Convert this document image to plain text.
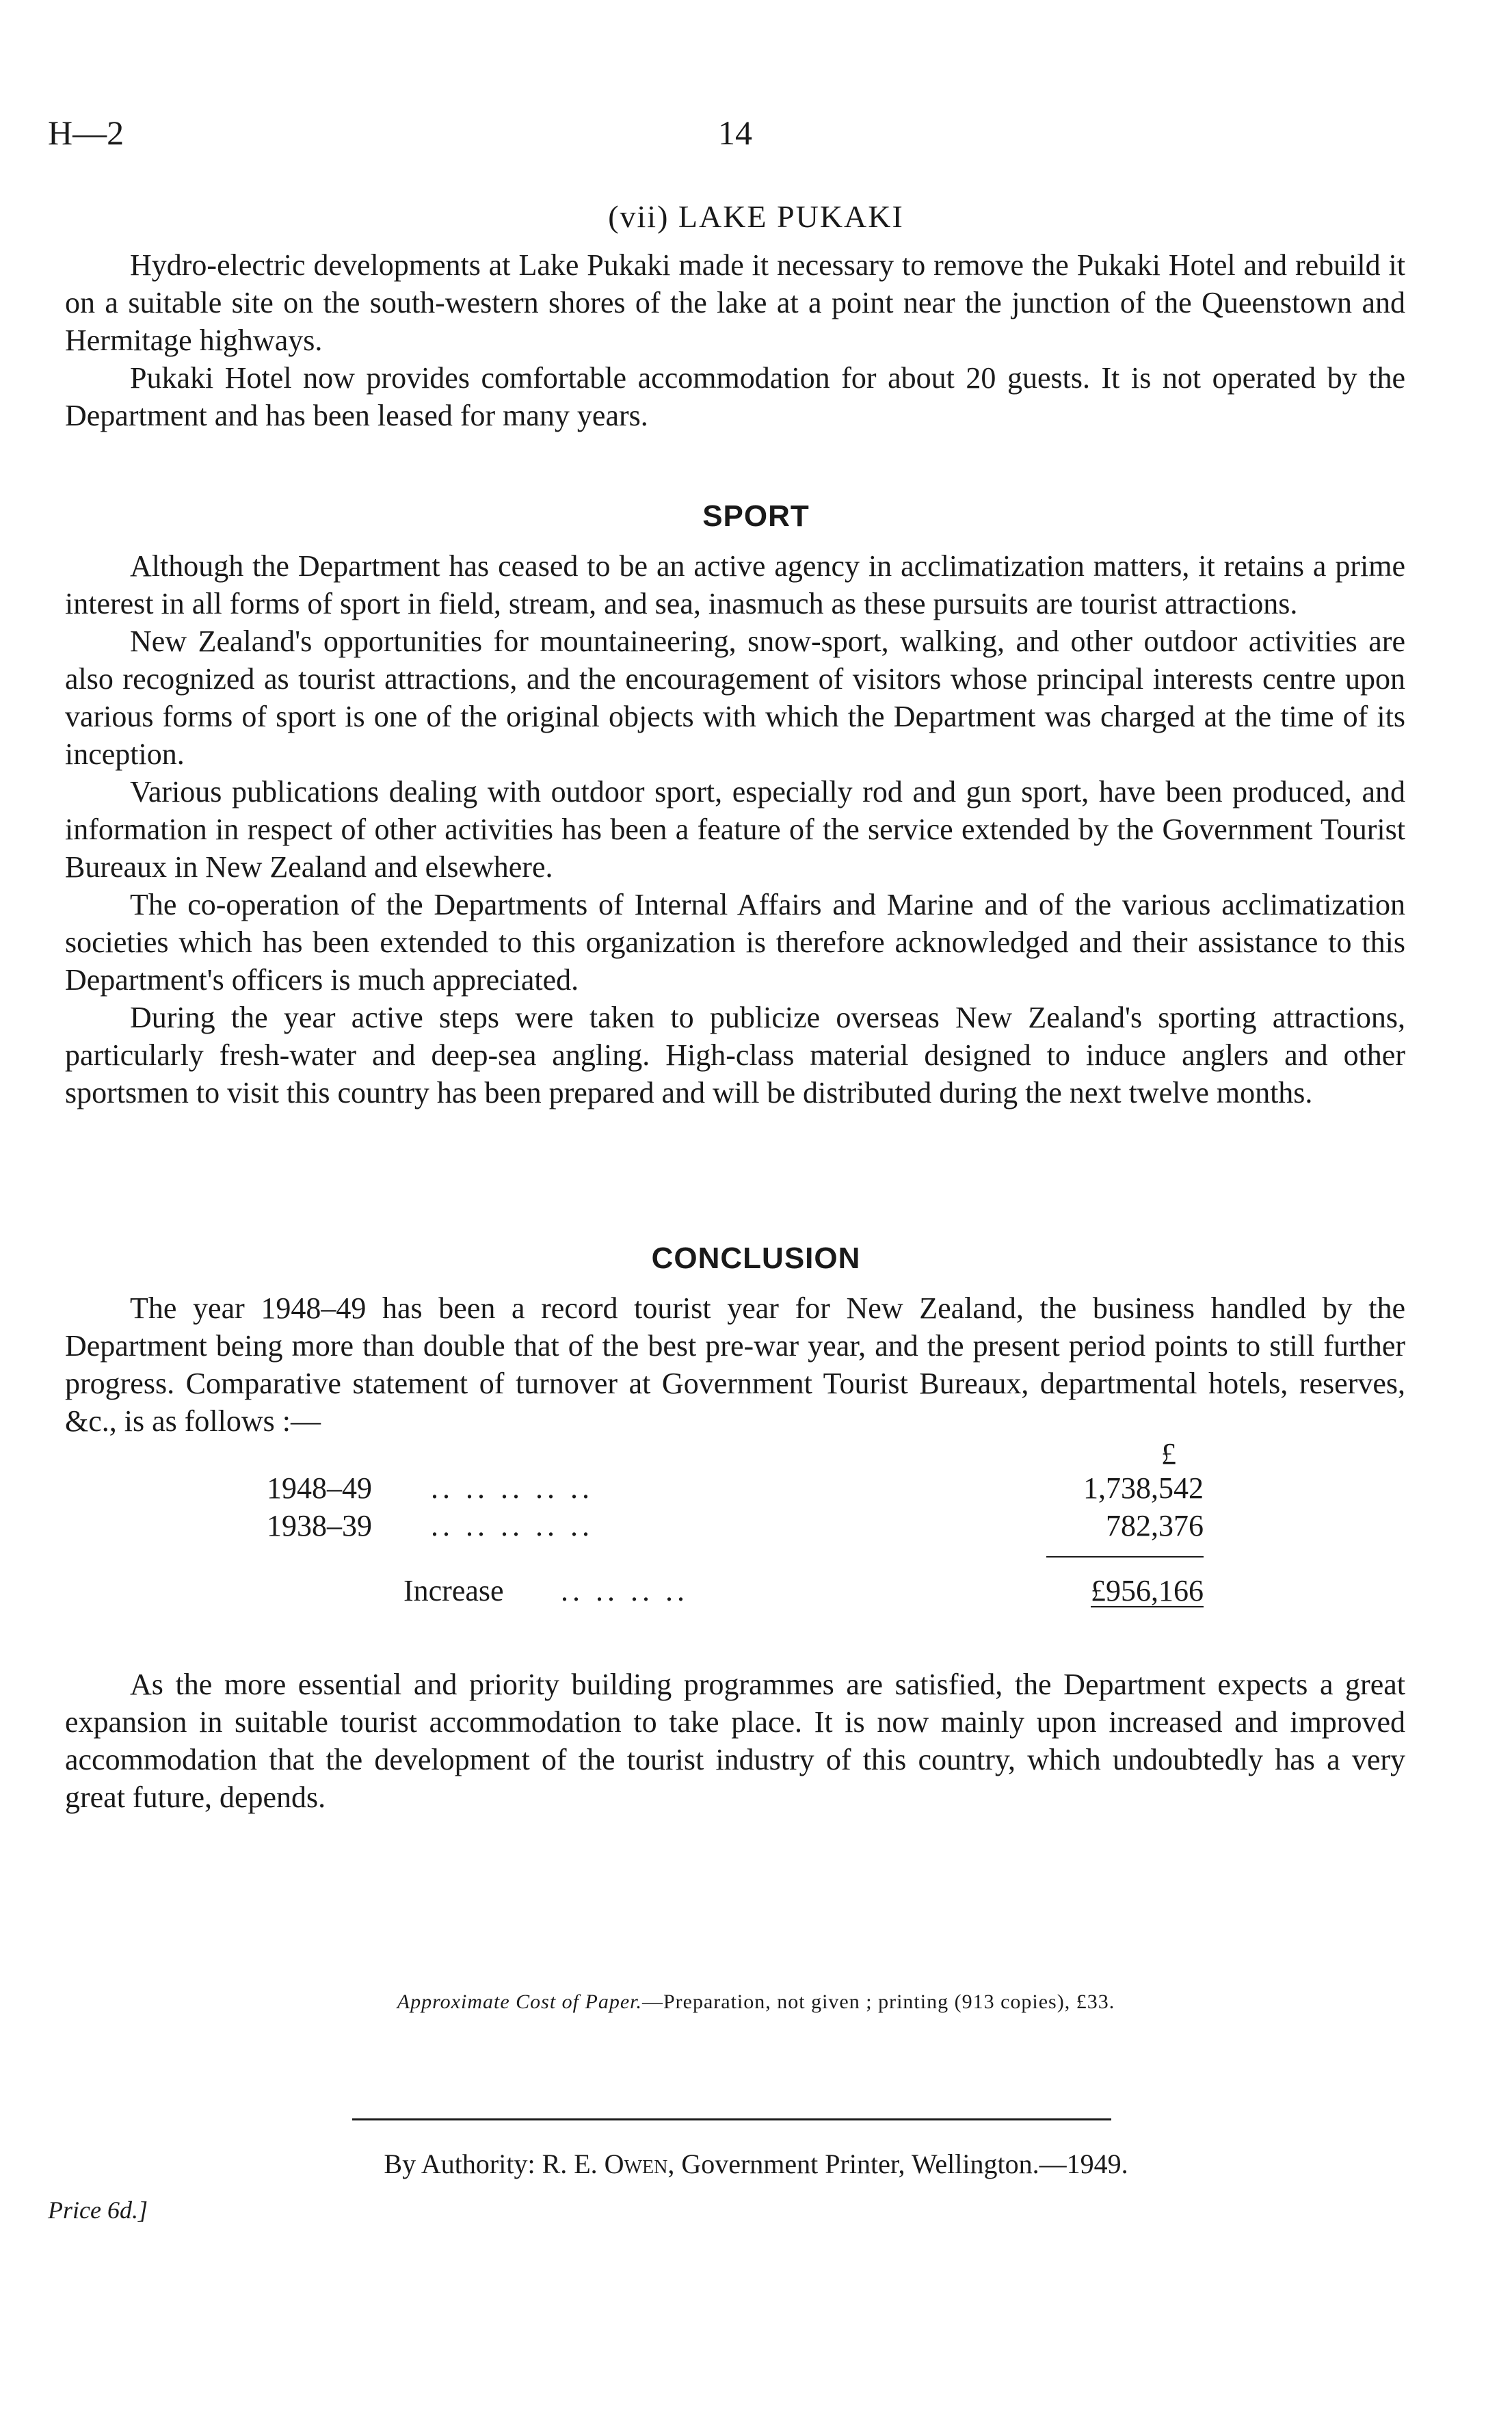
H—2	14
(vii) LAKE PUKAKI

Hydro-electric developments at Lake Pukaki made it necessary to remove the Pukaki Hotel and rebuild it on a suitable site on the south-western shores of the lake at a point near the junction of the Queenstown and Hermitage highways.

Pukaki Hotel now provides comfortable accommodation for about 20 guests. It is not operated by the Department and has been leased for many years.

SPORT

Although the Department has ceased to be an active agency in acclimatization matters, it retains a prime interest in all forms of sport in field, stream, and sea, inasmuch as these pursuits are tourist attractions.

New Zealand's opportunities for mountaineering, snow-sport, walking, and other outdoor activities are also recognized as tourist attractions, and the encouragement of visitors whose principal interests centre upon various forms of sport is one of the original objects with which the Department was charged at the time of its inception.

Various publications dealing with outdoor sport, especially rod and gun sport, have been produced, and information in respect of other activities has been a feature of the service extended by the Government Tourist Bureaux in New Zealand and elsewhere.

The co-operation of the Departments of Internal Affairs and Marine and of the various acclimatization societies which has been extended to this organization is therefore acknowledged and their assistance to this Department's officers is much appreciated.

During the year active steps were taken to publicize overseas New Zealand's sporting attractions, particularly fresh-water and deep-sea angling. High-class material designed to induce anglers and other sportsmen to visit this country has been prepared and will be distributed during the next twelve months.

CONCLUSION

The year 1948–49 has been a record tourist year for New Zealand, the business handled by the Department being more than double that of the best pre-war year, and the present period points to still further progress. Comparative statement of turnover at Government Tourist Bureaux, departmental hotels, reserves, &c., is as follows :—

£
1948–49 .. .. .. .. ..	1,738,542
1938–39 .. .. .. .. ..	782,376
Increase .. .. .. ..	£956,166

As the more essential and priority building programmes are satisfied, the Department expects a great expansion in suitable tourist accommodation to take place. It is now mainly upon increased and improved accommodation that the development of the tourist industry of this country, which undoubtedly has a very great future, depends.

Approximate Cost of Paper.—Preparation, not given ; printing (913 copies), £33.
By Authority: R. E. Owen, Government Printer, Wellington.—1949.
Price 6d.]
